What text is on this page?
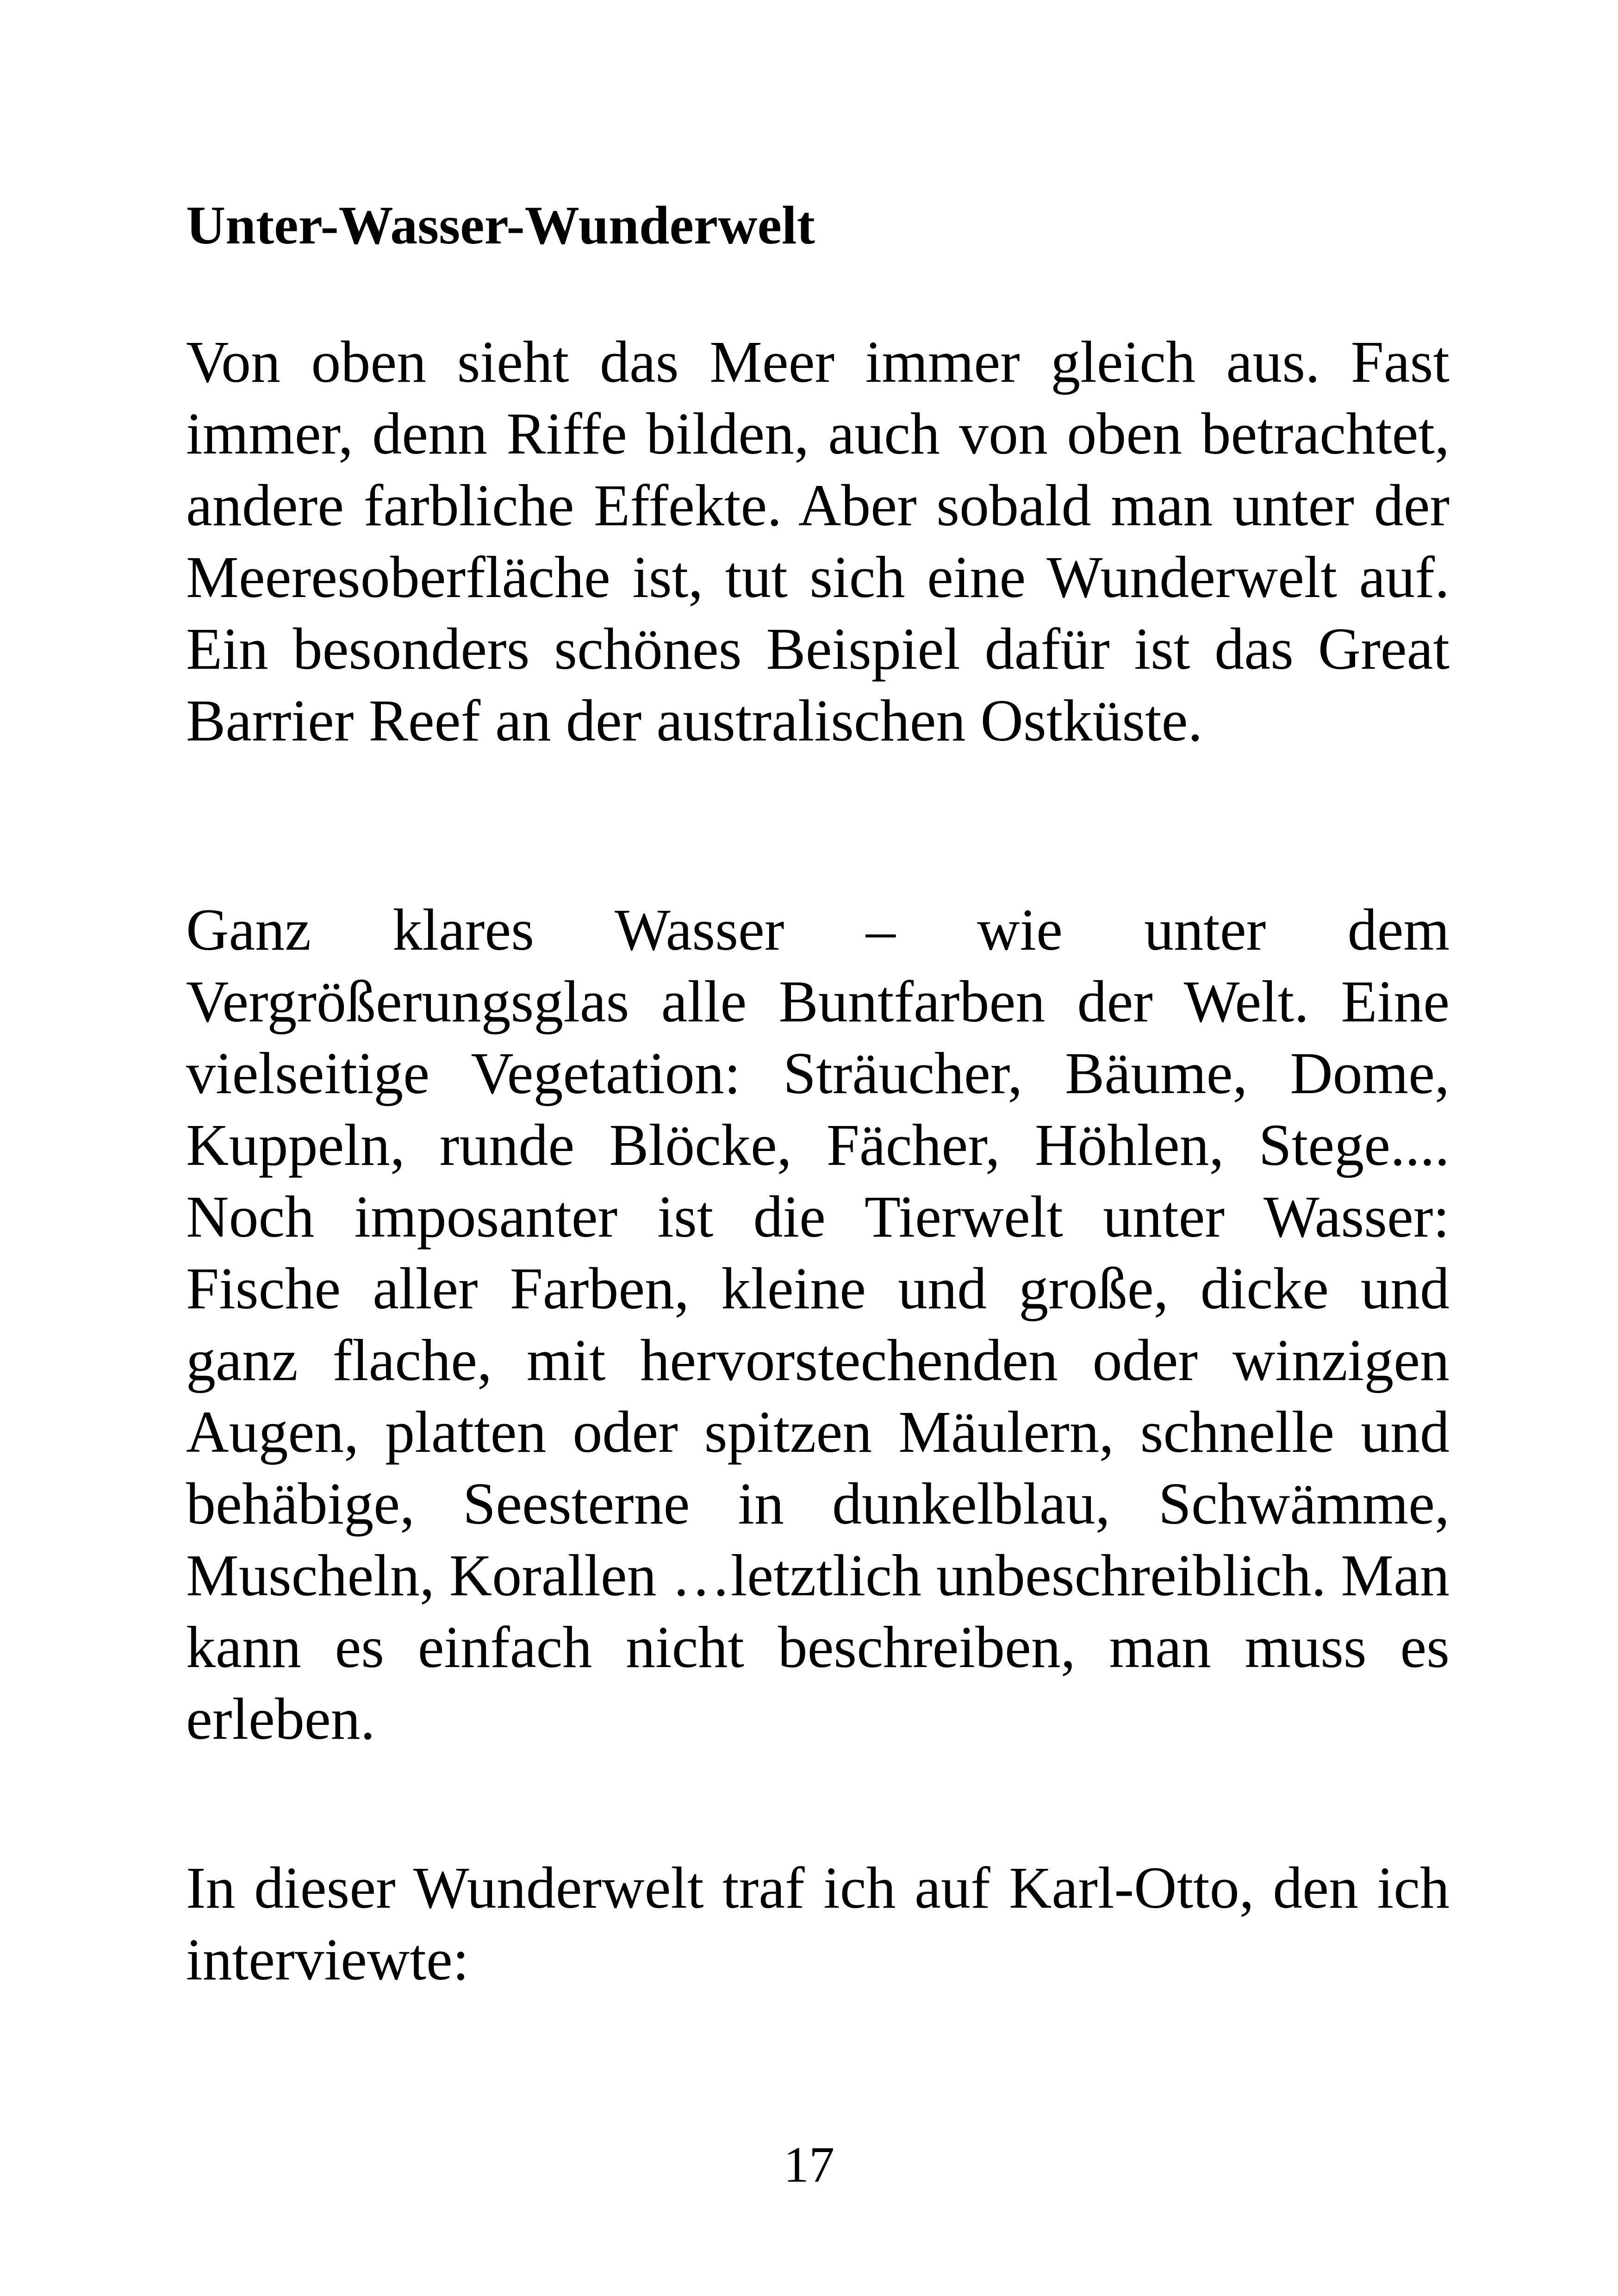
Unter-Wasser-Wunderwelt

Von oben sieht das Meer immer gleich aus. Fast immer, denn Riffe bilden, auch von oben betrachtet, andere farbliche Effekte. Aber sobald man unter der Meeresoberfläche ist, tut sich eine Wunderwelt auf. Ein besonders schönes Beispiel dafür ist das Great Barrier Reef an der australischen Ostküste.

Ganz klares Wasser – wie unter dem Vergrößerungsglas alle Buntfarben der Welt. Eine vielseitige Vegetation: Sträucher, Bäume, Dome, Kuppeln, runde Blöcke, Fächer, Höhlen, Stege.... Noch imposanter ist die Tierwelt unter Wasser: Fische aller Farben, kleine und große, dicke und ganz flache, mit hervorstechenden oder winzigen Augen, platten oder spitzen Mäulern, schnelle und behäbige, Seesterne in dunkelblau, Schwämme, Muscheln, Korallen …letztlich unbeschreiblich. Man kann es einfach nicht beschreiben, man muss es erleben.

In dieser Wunderwelt traf ich auf Karl-Otto, den ich interviewte:

17
